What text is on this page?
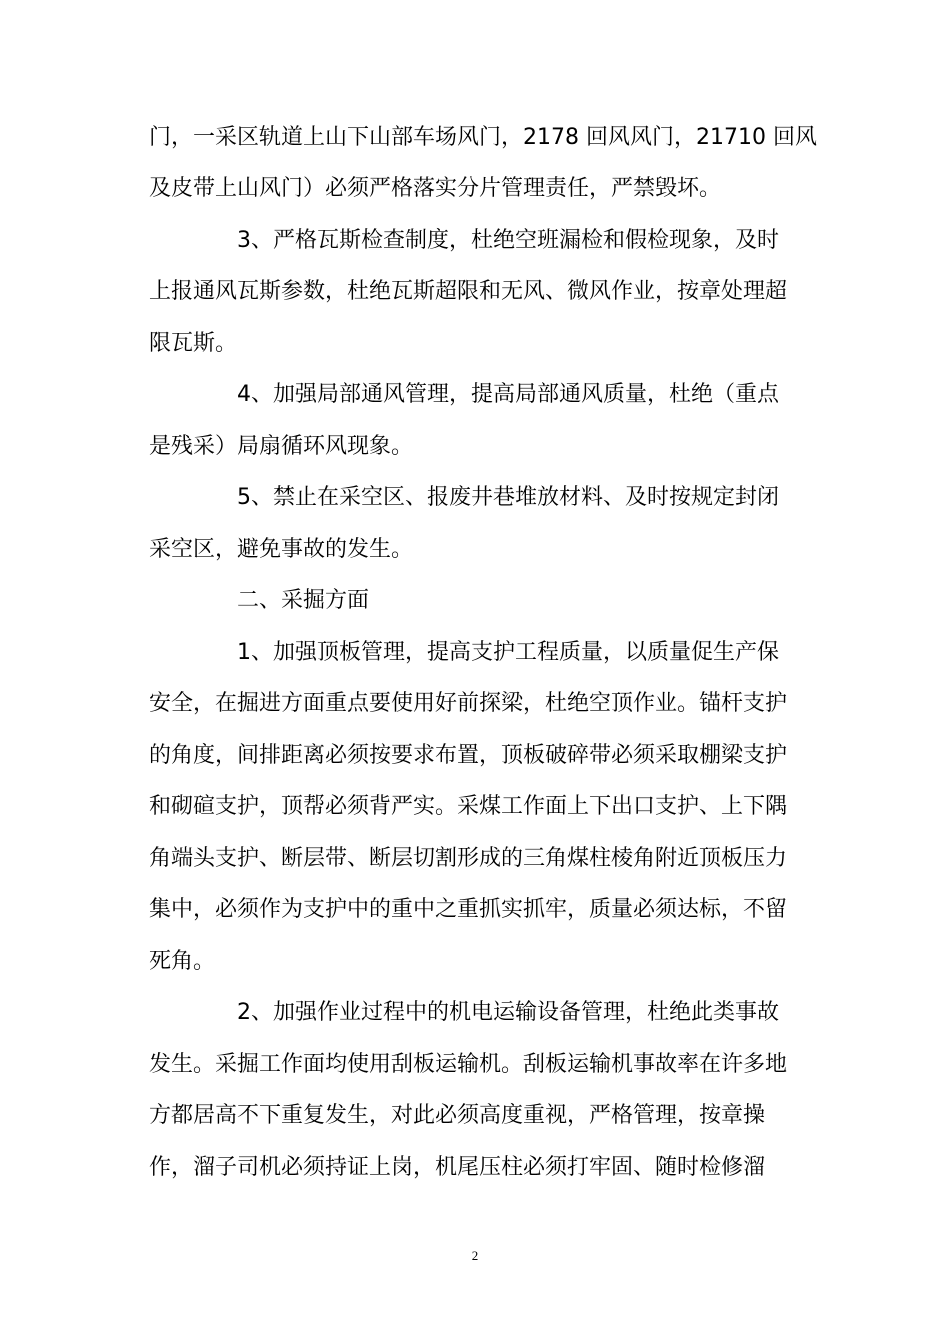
门，一采区轨道上山下山部车场风门，2178 回风风门，21710 回风
及皮带上山风门）必须严格落实分片管理责任，严禁毁坏。
3、严格瓦斯检查制度，杜绝空班漏检和假检现象，及时
上报通风瓦斯参数，杜绝瓦斯超限和无风、微风作业，按章处理超
限瓦斯。
4、加强局部通风管理，提高局部通风质量，杜绝（重点
是残采）局扇循环风现象。
5、禁止在采空区、报废井巷堆放材料、及时按规定封闭
采空区，避免事故的发生。
二、采掘方面
1、加强顶板管理，提高支护工程质量，以质量促生产保
安全，在掘进方面重点要使用好前探梁，杜绝空顶作业。锚杆支护
的角度，间排距离必须按要求布置，顶板破碎带必须采取棚梁支护
和砌碹支护，顶帮必须背严实。采煤工作面上下出口支护、上下隅
角端头支护、断层带、断层切割形成的三角煤柱棱角附近顶板压力
集中，必须作为支护中的重中之重抓实抓牢，质量必须达标，不留
死角。
2、加强作业过程中的机电运输设备管理，杜绝此类事故
发生。采掘工作面均使用刮板运输机。刮板运输机事故率在许多地
方都居高不下重复发生，对此必须高度重视，严格管理，按章操
作，溜子司机必须持证上岗，机尾压柱必须打牢固、随时检修溜
2
